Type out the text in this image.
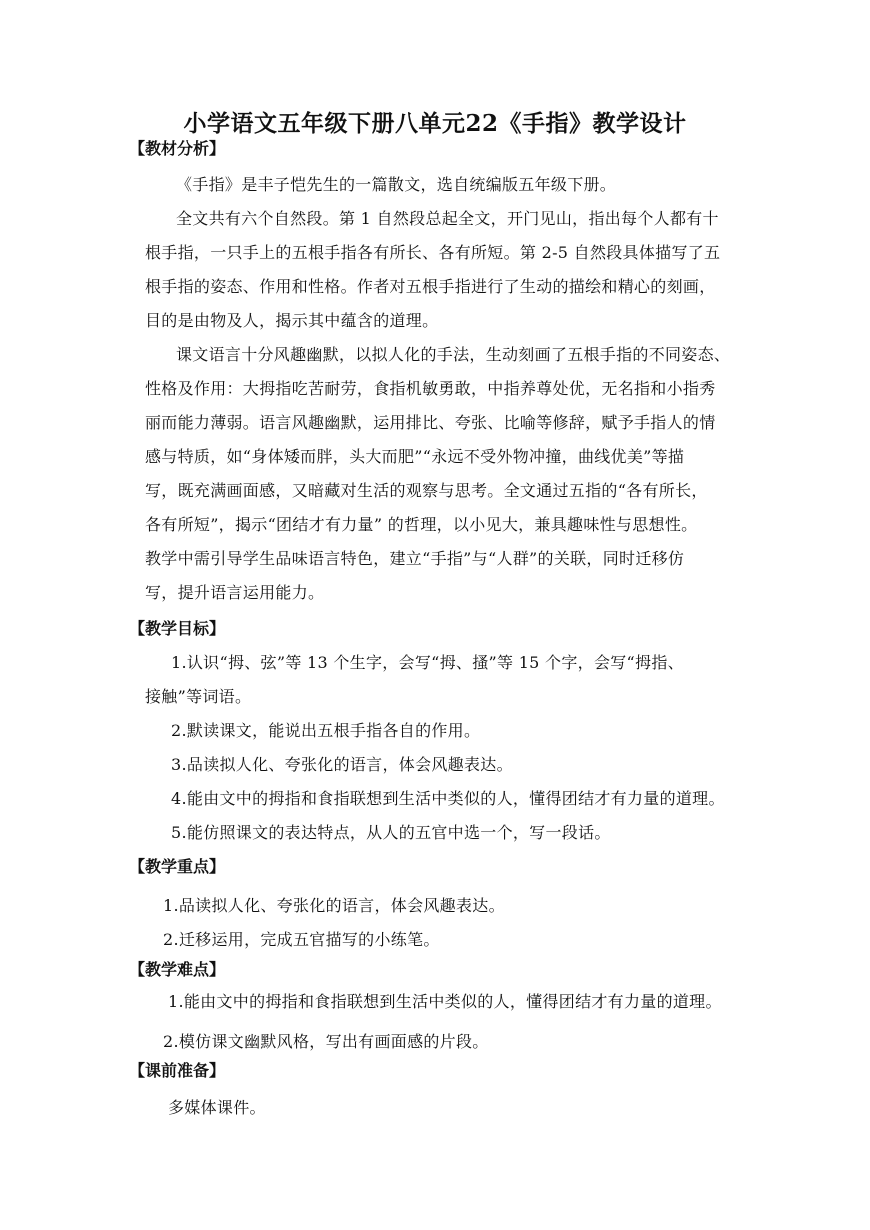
小学语文五年级下册八单元22《手指》教学设计
【教材分析】
《手指》是丰子恺先生的一篇散文，选自统编版五年级下册。
全文共有六个自然段。第 1 自然段总起全文，开门见山，指出每个人都有十
根手指，一只手上的五根手指各有所长、各有所短。第 2-5 自然段具体描写了五
根手指的姿态、作用和性格。作者对五根手指进行了生动的描绘和精心的刻画，
目的是由物及人，揭示其中蕴含的道理。
课文语言十分风趣幽默，以拟人化的手法，生动刻画了五根手指的不同姿态、
性格及作用：大拇指吃苦耐劳，食指机敏勇敢，中指养尊处优，无名指和小指秀
丽而能力薄弱。语言风趣幽默，运用排比、夸张、比喻等修辞，赋予手指人的情
感与特质，如“身体矮而胖，头大而肥”“永远不受外物冲撞，曲线优美”等描
写，既充满画面感，又暗藏对生活的观察与思考。全文通过五指的“各有所长，
各有所短”，揭示“团结才有力量” 的哲理，以小见大，兼具趣味性与思想性。
教学中需引导学生品味语言特色，建立“手指”与“人群”的关联，同时迁移仿
写，提升语言运用能力。
【教学目标】
1.认识“拇、弦”等 13 个生字，会写“拇、搔”等 15 个字，会写“拇指、
接触”等词语。
2.默读课文，能说出五根手指各自的作用。
3.品读拟人化、夸张化的语言，体会风趣表达。
4.能由文中的拇指和食指联想到生活中类似的人，懂得团结才有力量的道理。
5.能仿照课文的表达特点，从人的五官中选一个，写一段话。
【教学重点】
1.品读拟人化、夸张化的语言，体会风趣表达。
2.迁移运用，完成五官描写的小练笔。
【教学难点】
1.能由文中的拇指和食指联想到生活中类似的人，懂得团结才有力量的道理。
2.模仿课文幽默风格，写出有画面感的片段。
【课前准备】
多媒体课件。
